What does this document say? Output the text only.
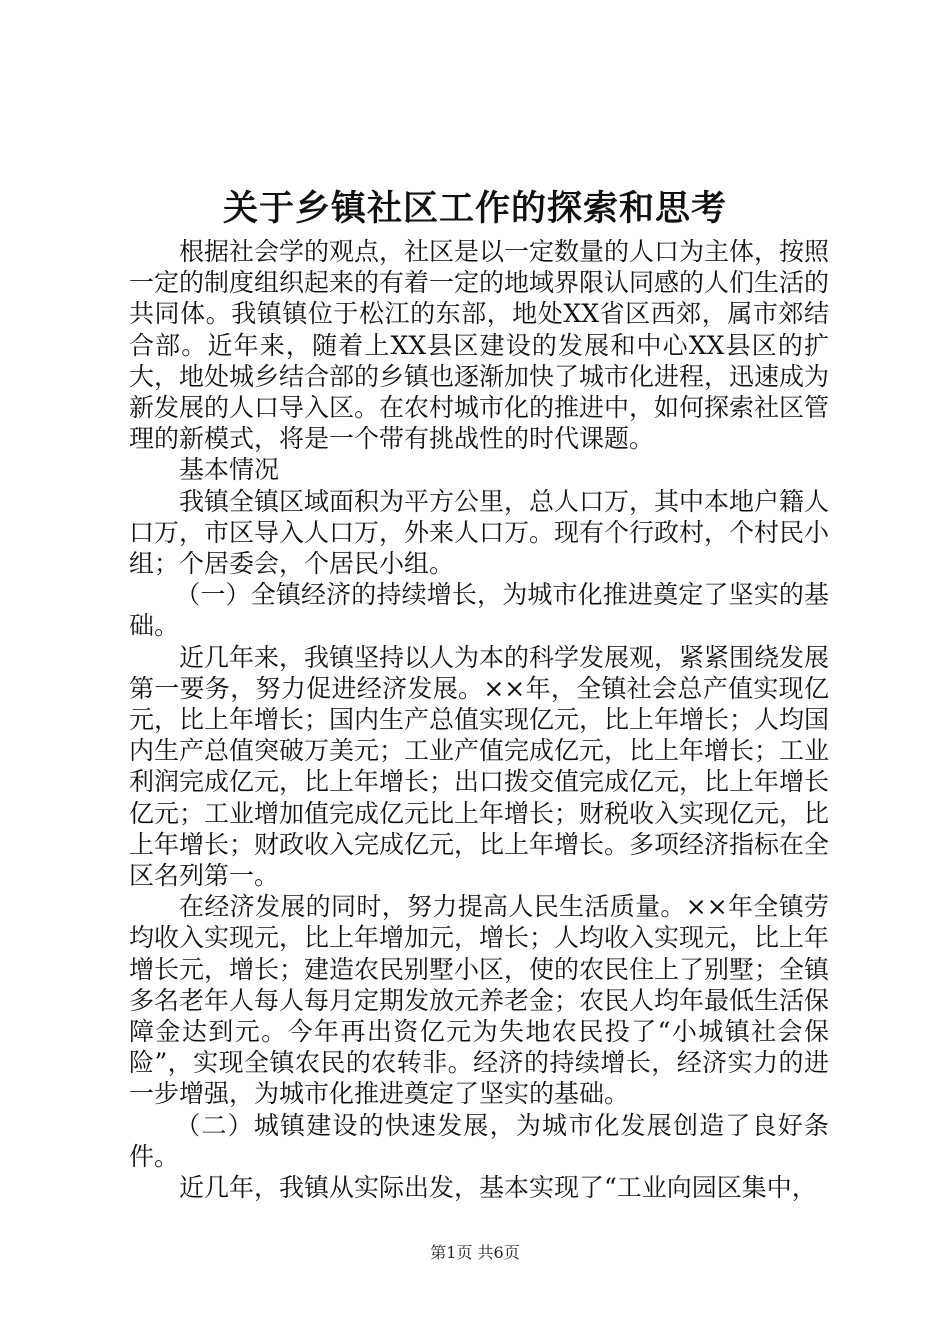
关于乡镇社区工作的探索和思考

根据社会学的观点，社区是以一定数量的人口为主体，按照一定的制度组织起来的有着一定的地域界限认同感的人们生活的共同体。我镇镇位于松江的东部，地处XX省区西郊，属市郊结合部。近年来，随着上XX县区建设的发展和中心XX县区的扩大，地处城乡结合部的乡镇也逐渐加快了城市化进程，迅速成为新发展的人口导入区。在农村城市化的推进中，如何探索社区管理的新模式，将是一个带有挑战性的时代课题。

基本情况

我镇全镇区域面积为平方公里，总人口万，其中本地户籍人口万，市区导入人口万，外来人口万。现有个行政村，个村民小组；个居委会，个居民小组。

（一）全镇经济的持续增长，为城市化推进奠定了坚实的基础。

近几年来，我镇坚持以人为本的科学发展观，紧紧围绕发展第一要务，努力促进经济发展。××年，全镇社会总产值实现亿元，比上年增长；国内生产总值实现亿元，比上年增长；人均国内生产总值突破万美元；工业产值完成亿元，比上年增长；工业利润完成亿元，比上年增长；出口拨交值完成亿元，比上年增长亿元；工业增加值完成亿元比上年增长；财税收入实现亿元，比上年增长；财政收入完成亿元，比上年增长。多项经济指标在全区名列第一。

在经济发展的同时，努力提高人民生活质量。××年全镇劳均收入实现元，比上年增加元，增长；人均收入实现元，比上年增长元，增长；建造农民别墅小区，使的农民住上了别墅；全镇多名老年人每人每月定期发放元养老金；农民人均年最低生活保障金达到元。今年再出资亿元为失地农民投了“小城镇社会保险”，实现全镇农民的农转非。经济的持续增长，经济实力的进一步增强，为城市化推进奠定了坚实的基础。

（二）城镇建设的快速发展，为城市化发展创造了良好条件。

近几年，我镇从实际出发，基本实现了“工业向园区集中，

第1页 共6页
